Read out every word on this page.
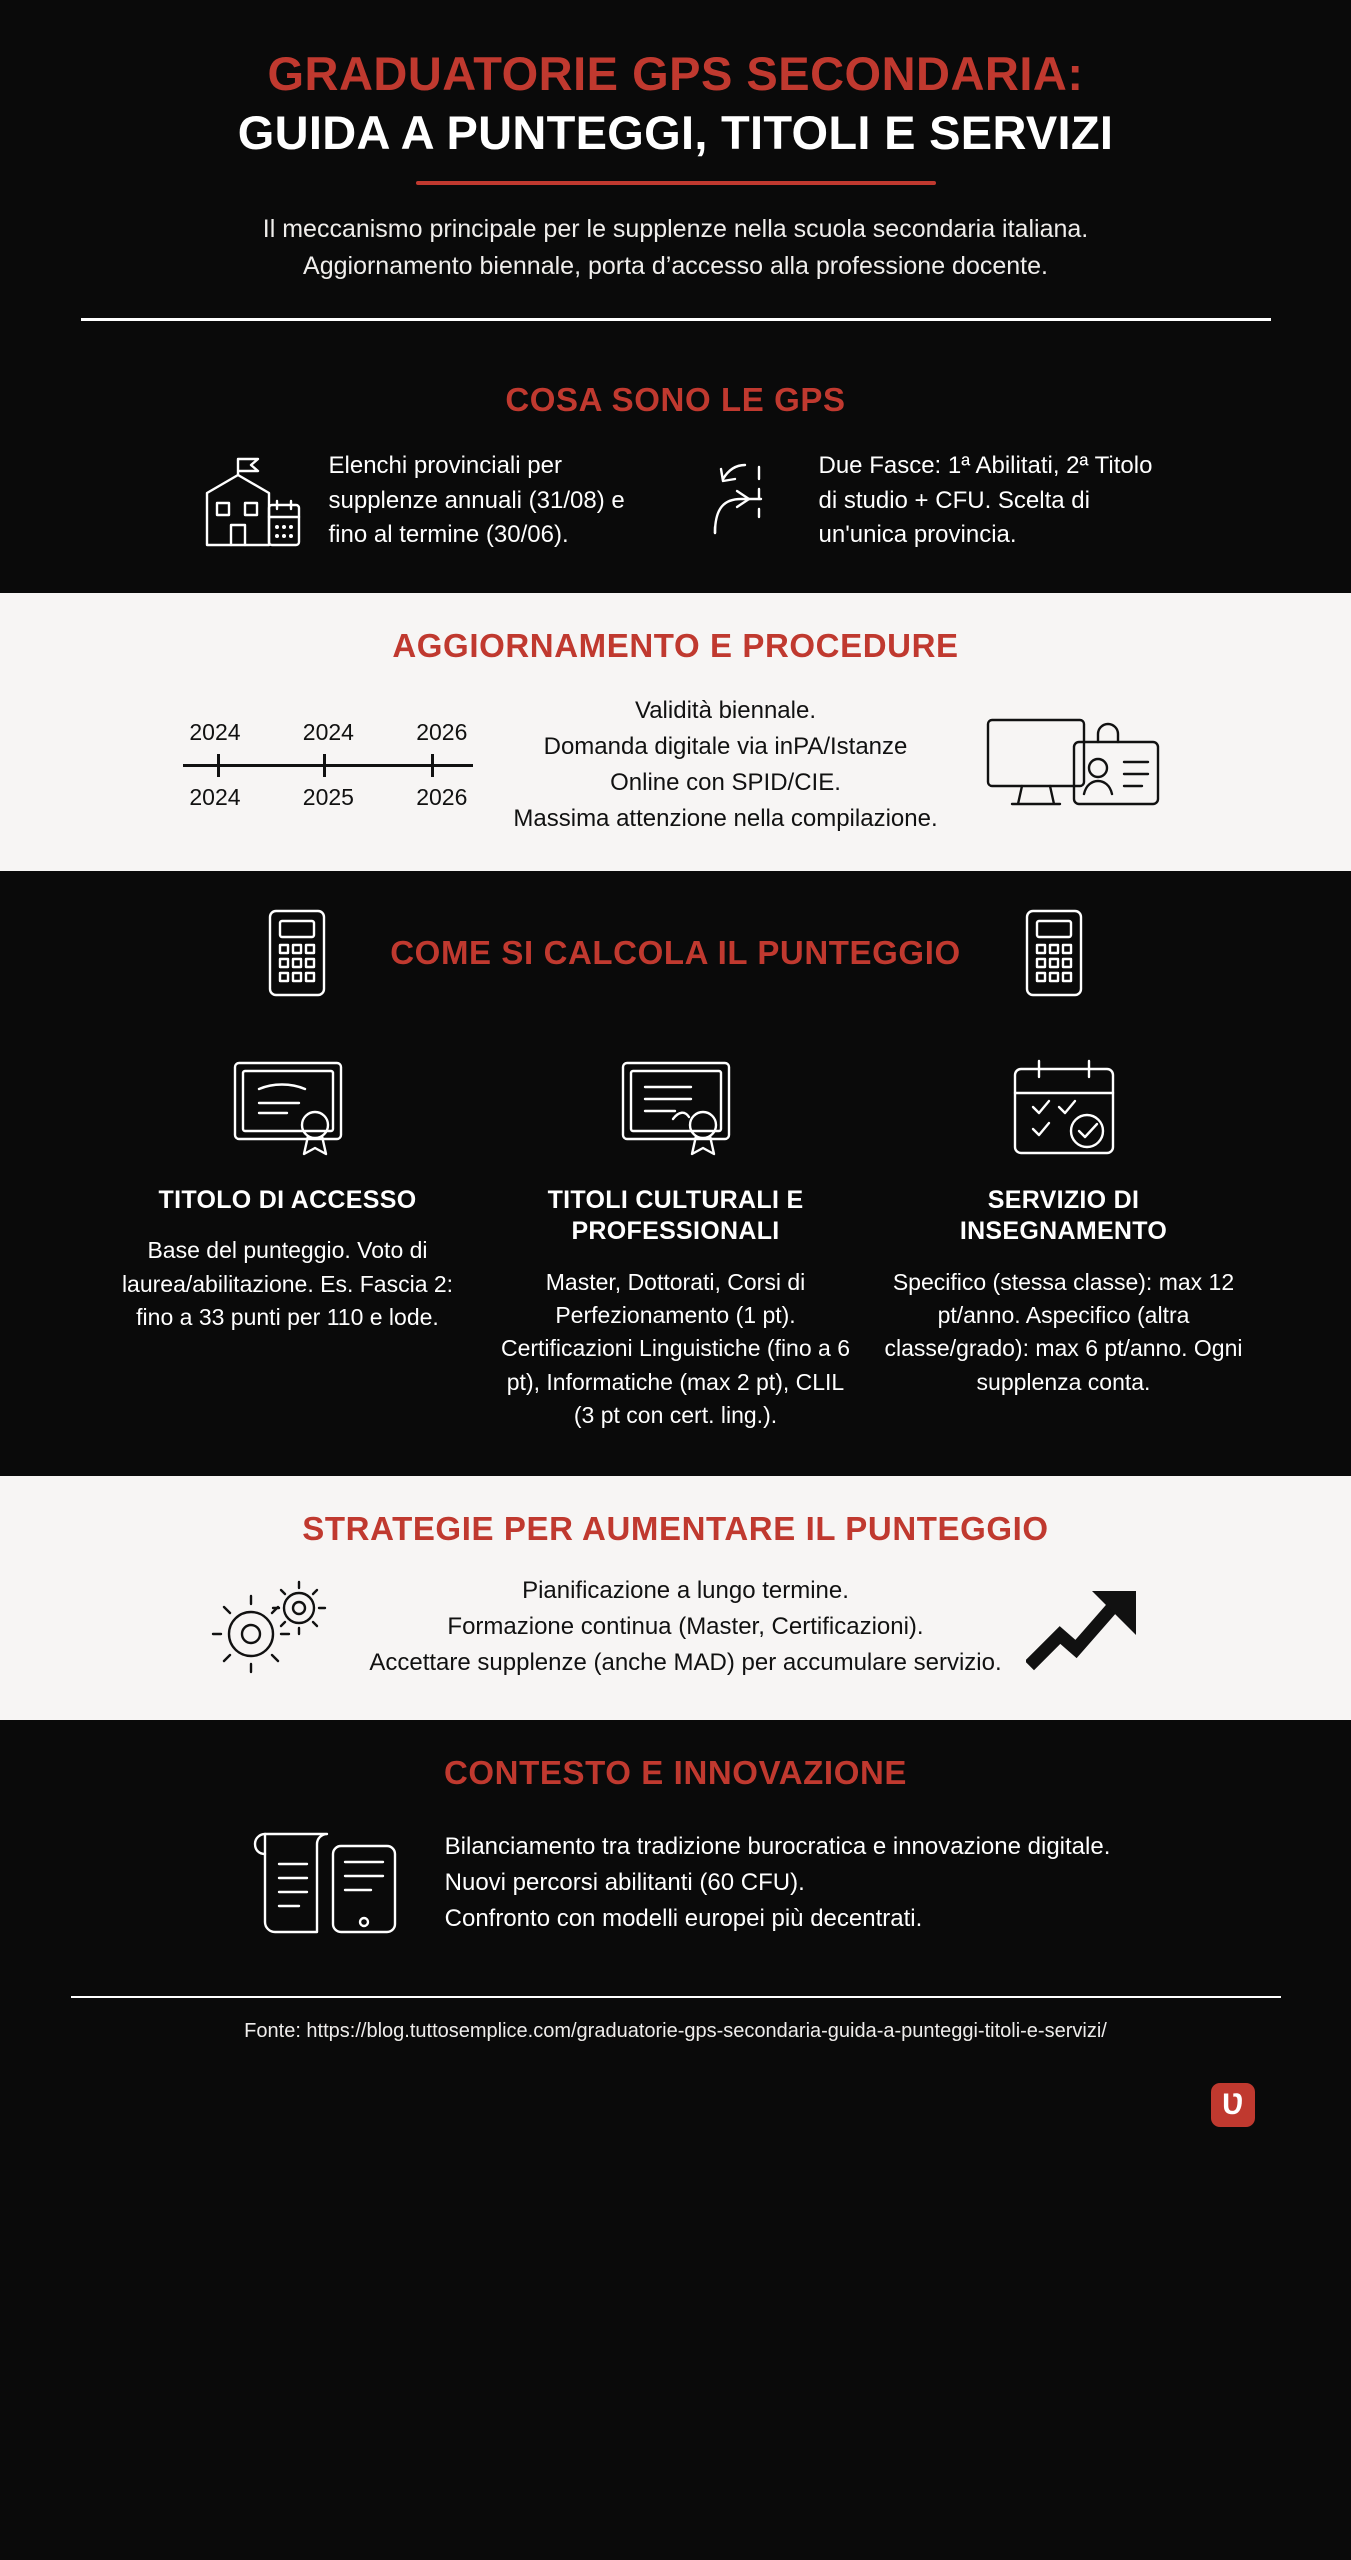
GRADUATORIE GPS SECONDARIA:
GUIDA A PUNTEGGI, TITOLI E SERVIZI
Il meccanismo principale per le supplenze nella scuola secondaria italiana.
Aggiornamento biennale, porta d’accesso alla professione docente.
COSA SONO LE GPS
Elenchi provinciali per supplenze annuali (31/08) e fino al termine (30/06).
Due Fasce: 1ª Abilitati, 2ª Titolo di studio + CFU. Scelta di un'unica provincia.
AGGIORNAMENTO E PROCEDURE
2024	2024	2026
2024	2025	2026
Validità biennale.
Domanda digitale via inPA/Istanze
Online con SPID/CIE.
Massima attenzione nella compilazione.
COME SI CALCOLA IL PUNTEGGIO
TITOLO DI ACCESSO

Base del punteggio. Voto di laurea/abilitazione. Es. Fascia 2: fino a 33 punti per 110 e lode.

TITOLI CULTURALI E PROFESSIONALI

Master, Dottorati, Corsi di Perfezionamento (1 pt). Certificazioni Linguistiche (fino a 6 pt), Informatiche (max 2 pt), CLIL (3 pt con cert. ling.).

SERVIZIO DI INSEGNAMENTO

Specifico (stessa classe): max 12 pt/anno. Aspecifico (altra classe/grado): max 6 pt/anno. Ogni supplenza conta.

STRATEGIE PER AUMENTARE IL PUNTEGGIO
Pianificazione a lungo termine.
Formazione continua (Master, Certificazioni).
Accettare supplenze (anche MAD) per accumulare servizio.
CONTESTO E INNOVAZIONE
Bilanciamento tra tradizione burocratica e innovazione digitale.
Nuovi percorsi abilitanti (60 CFU).
Confronto con modelli europei più decentrati.
Fonte: https://blog.tuttosemplice.com/graduatorie-gps-secondaria-guida-a-punteggi-titoli-e-servizi/
Ʋ
